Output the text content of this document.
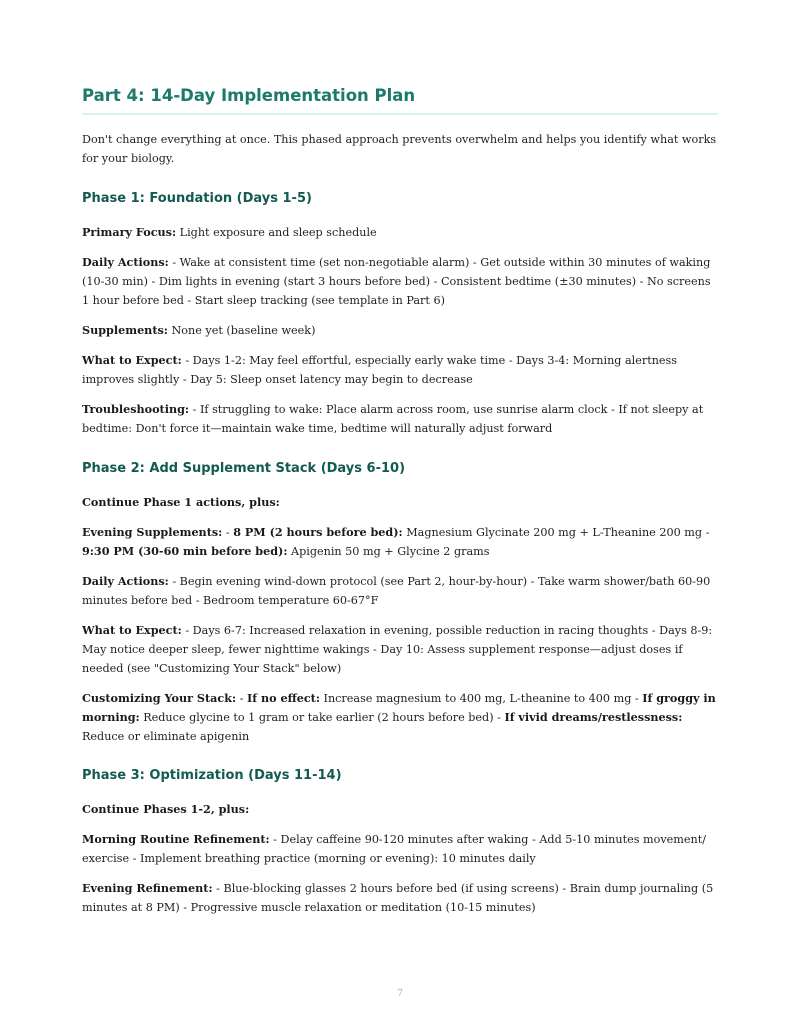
Part 4: 14-Day Implementation Plan

Don't change everything at once. This phased approach prevents overwhelm and helps you identify what works for your biology.

Phase 1: Foundation (Days 1-5)

Primary Focus: Light exposure and sleep schedule

Daily Actions: - Wake at consistent time (set non-negotiable alarm) - Get outside within 30 minutes of waking (10-30 min) - Dim lights in evening (start 3 hours before bed) - Consistent bedtime (±30 minutes) - No screens 1 hour before bed - Start sleep tracking (see template in Part 6)

Supplements: None yet (baseline week)

What to Expect: - Days 1-2: May feel effortful, especially early wake time - Days 3-4: Morning alertness improves slightly - Day 5: Sleep onset latency may begin to decrease

Troubleshooting: - If struggling to wake: Place alarm across room, use sunrise alarm clock - If not sleepy at bedtime: Don't force it—maintain wake time, bedtime will naturally adjust forward

Phase 2: Add Supplement Stack (Days 6-10)

Continue Phase 1 actions, plus:

Evening Supplements: - 8 PM (2 hours before bed): Magnesium Glycinate 200 mg + L-Theanine 200 mg - 9:30 PM (30-60 min before bed): Apigenin 50 mg + Glycine 2 grams

Daily Actions: - Begin evening wind-down protocol (see Part 2, hour-by-hour) - Take warm shower/bath 60-90 minutes before bed - Bedroom temperature 60-67°F

What to Expect: - Days 6-7: Increased relaxation in evening, possible reduction in racing thoughts - Days 8-9: May notice deeper sleep, fewer nighttime wakings - Day 10: Assess supplement response—adjust doses if needed (see "Customizing Your Stack" below)

Customizing Your Stack: - If no effect: Increase magnesium to 400 mg, L-theanine to 400 mg - If groggy in morning: Reduce glycine to 1 gram or take earlier (2 hours before bed) - If vivid dreams/restlessness: Reduce or eliminate apigenin

Phase 3: Optimization (Days 11-14)

Continue Phases 1-2, plus:

Morning Routine Refinement: - Delay caffeine 90-120 minutes after waking - Add 5-10 minutes movement/ exercise - Implement breathing practice (morning or evening): 10 minutes daily

Evening Refinement: - Blue-blocking glasses 2 hours before bed (if using screens) - Brain dump journaling (5 minutes at 8 PM) - Progressive muscle relaxation or meditation (10-15 minutes)

7
